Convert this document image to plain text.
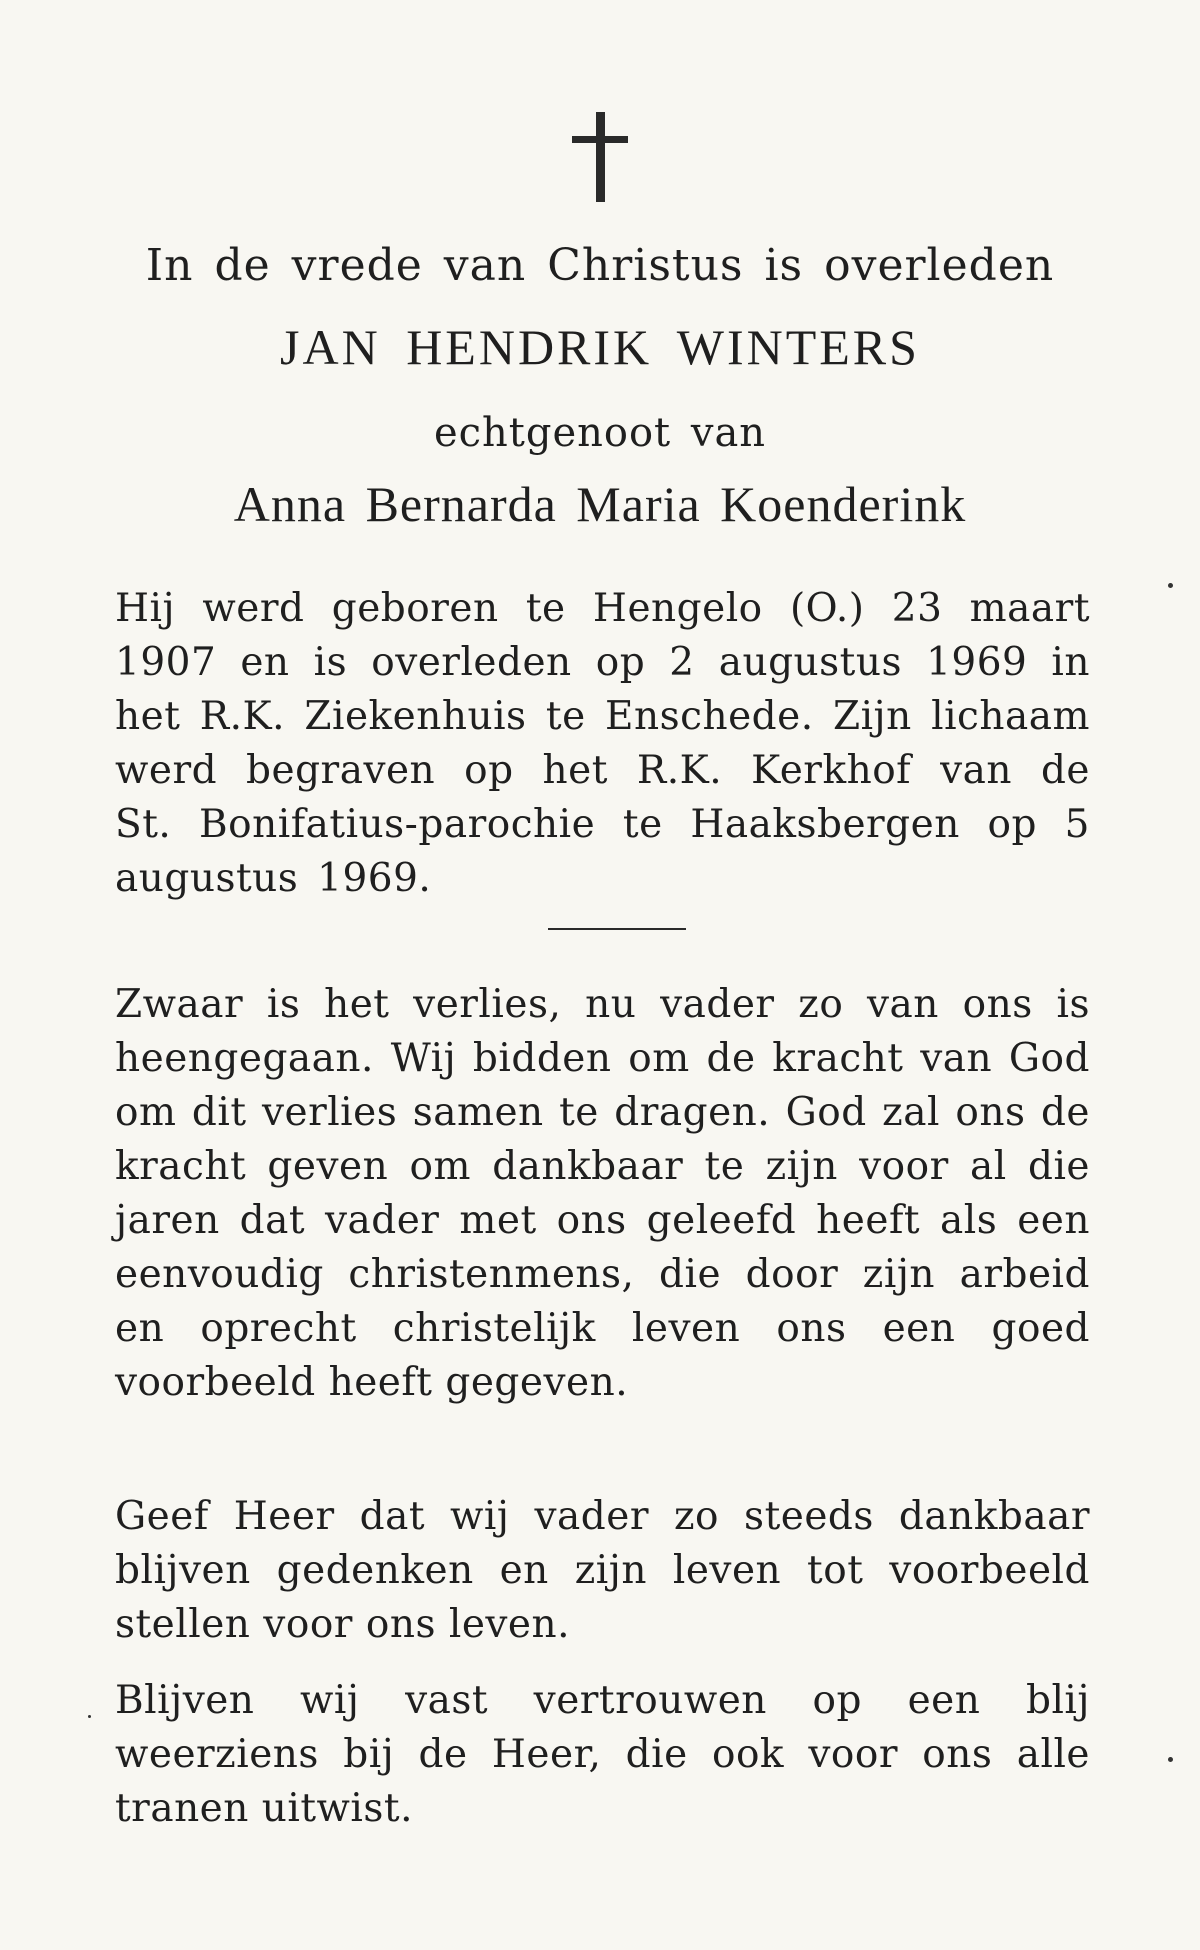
In de vrede van Christus is overleden
JAN HENDRIK WINTERS
echtgenoot van
Anna Bernarda Maria Koenderink
Hij werd geboren te Hengelo (O.) 23 maart 1907 en is overleden op 2 augustus 1969 in het R.K. Ziekenhuis te Enschede. Zijn lichaam werd begraven op het R.K. Kerkhof van de St. Bonifatius-parochie te Haaksbergen op 5 augustus 1969.
Zwaar is het verlies, nu vader zo van ons is heengegaan. Wij bidden om de kracht van God om dit verlies samen te dragen. God zal ons de kracht geven om dankbaar te zijn voor al die jaren dat vader met ons geleefd heeft als een eenvoudig christenmens, die door zijn arbeid en oprecht christelijk leven ons een goed voorbeeld heeft gegeven.
Geef Heer dat wij vader zo steeds dankbaar blijven gedenken en zijn leven tot voorbeeld stellen voor ons leven.
Blijven wij vast vertrouwen op een blij weerziens bij de Heer, die ook voor ons alle tranen uitwist.
